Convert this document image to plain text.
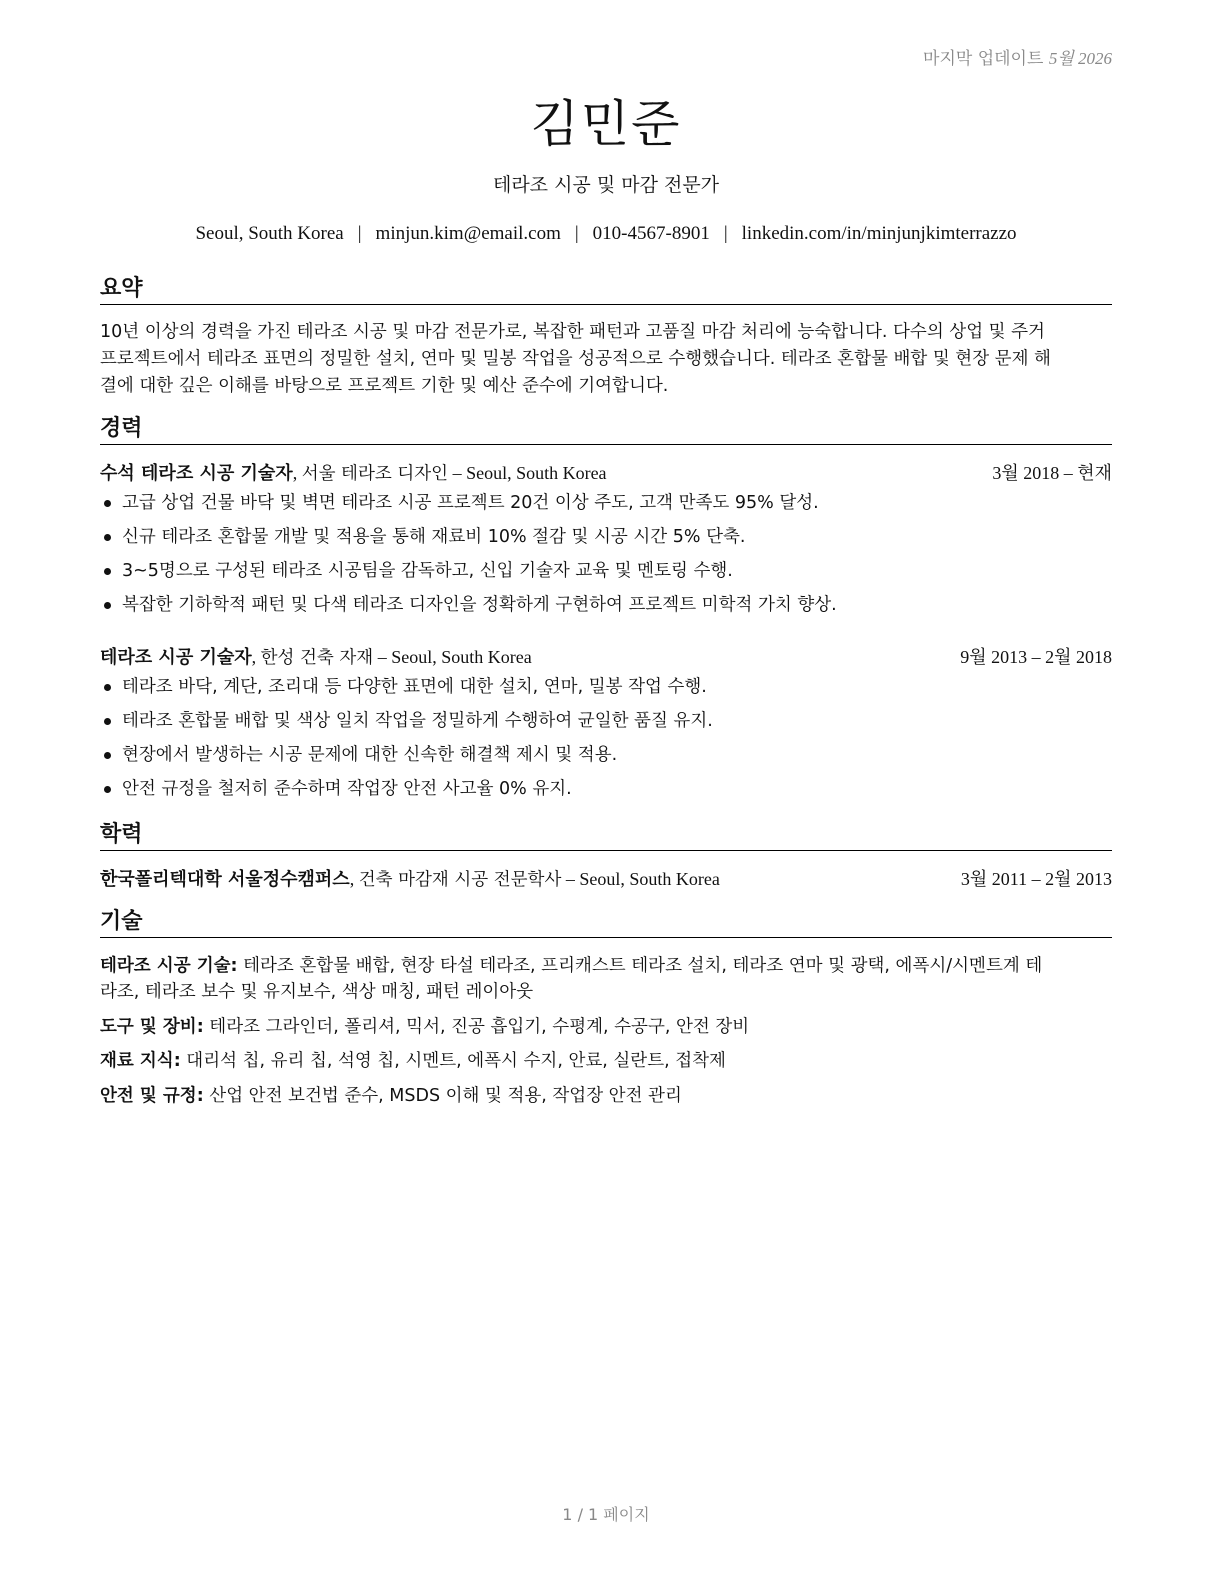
마지막 업데이트 5월 2026
김민준
테라조 시공 및 마감 전문가
Seoul, South Korea | minjun.kim@email.com | 010-4567-8901 | linkedin.com/in/minjunjkimterrazzo
요약
10년 이상의 경력을 가진 테라조 시공 및 마감 전문가로, 복잡한 패턴과 고품질 마감 처리에 능숙합니다. 다수의 상업 및 주거
프로젝트에서 테라조 표면의 정밀한 설치, 연마 및 밀봉 작업을 성공적으로 수행했습니다. 테라조 혼합물 배합 및 현장 문제 해
결에 대한 깊은 이해를 바탕으로 프로젝트 기한 및 예산 준수에 기여합니다.
경력
수석 테라조 시공 기술자, 서울 테라조 디자인 – Seoul, South Korea	3월 2018 – 현재
고급 상업 건물 바닥 및 벽면 테라조 시공 프로젝트 20건 이상 주도, 고객 만족도 95% 달성.
신규 테라조 혼합물 개발 및 적용을 통해 재료비 10% 절감 및 시공 시간 5% 단축.
3~5명으로 구성된 테라조 시공팀을 감독하고, 신입 기술자 교육 및 멘토링 수행.
복잡한 기하학적 패턴 및 다색 테라조 디자인을 정확하게 구현하여 프로젝트 미학적 가치 향상.
테라조 시공 기술자, 한성 건축 자재 – Seoul, South Korea	9월 2013 – 2월 2018
테라조 바닥, 계단, 조리대 등 다양한 표면에 대한 설치, 연마, 밀봉 작업 수행.
테라조 혼합물 배합 및 색상 일치 작업을 정밀하게 수행하여 균일한 품질 유지.
현장에서 발생하는 시공 문제에 대한 신속한 해결책 제시 및 적용.
안전 규정을 철저히 준수하며 작업장 안전 사고율 0% 유지.
학력
한국폴리텍대학 서울정수캠퍼스, 건축 마감재 시공 전문학사 – Seoul, South Korea	3월 2011 – 2월 2013
기술
테라조 시공 기술: 테라조 혼합물 배합, 현장 타설 테라조, 프리캐스트 테라조 설치, 테라조 연마 및 광택, 에폭시/시멘트계 테
라조, 테라조 보수 및 유지보수, 색상 매칭, 패턴 레이아웃
도구 및 장비: 테라조 그라인더, 폴리셔, 믹서, 진공 흡입기, 수평계, 수공구, 안전 장비
재료 지식: 대리석 칩, 유리 칩, 석영 칩, 시멘트, 에폭시 수지, 안료, 실란트, 접착제
안전 및 규정: 산업 안전 보건법 준수, MSDS 이해 및 적용, 작업장 안전 관리
1 / 1 페이지
